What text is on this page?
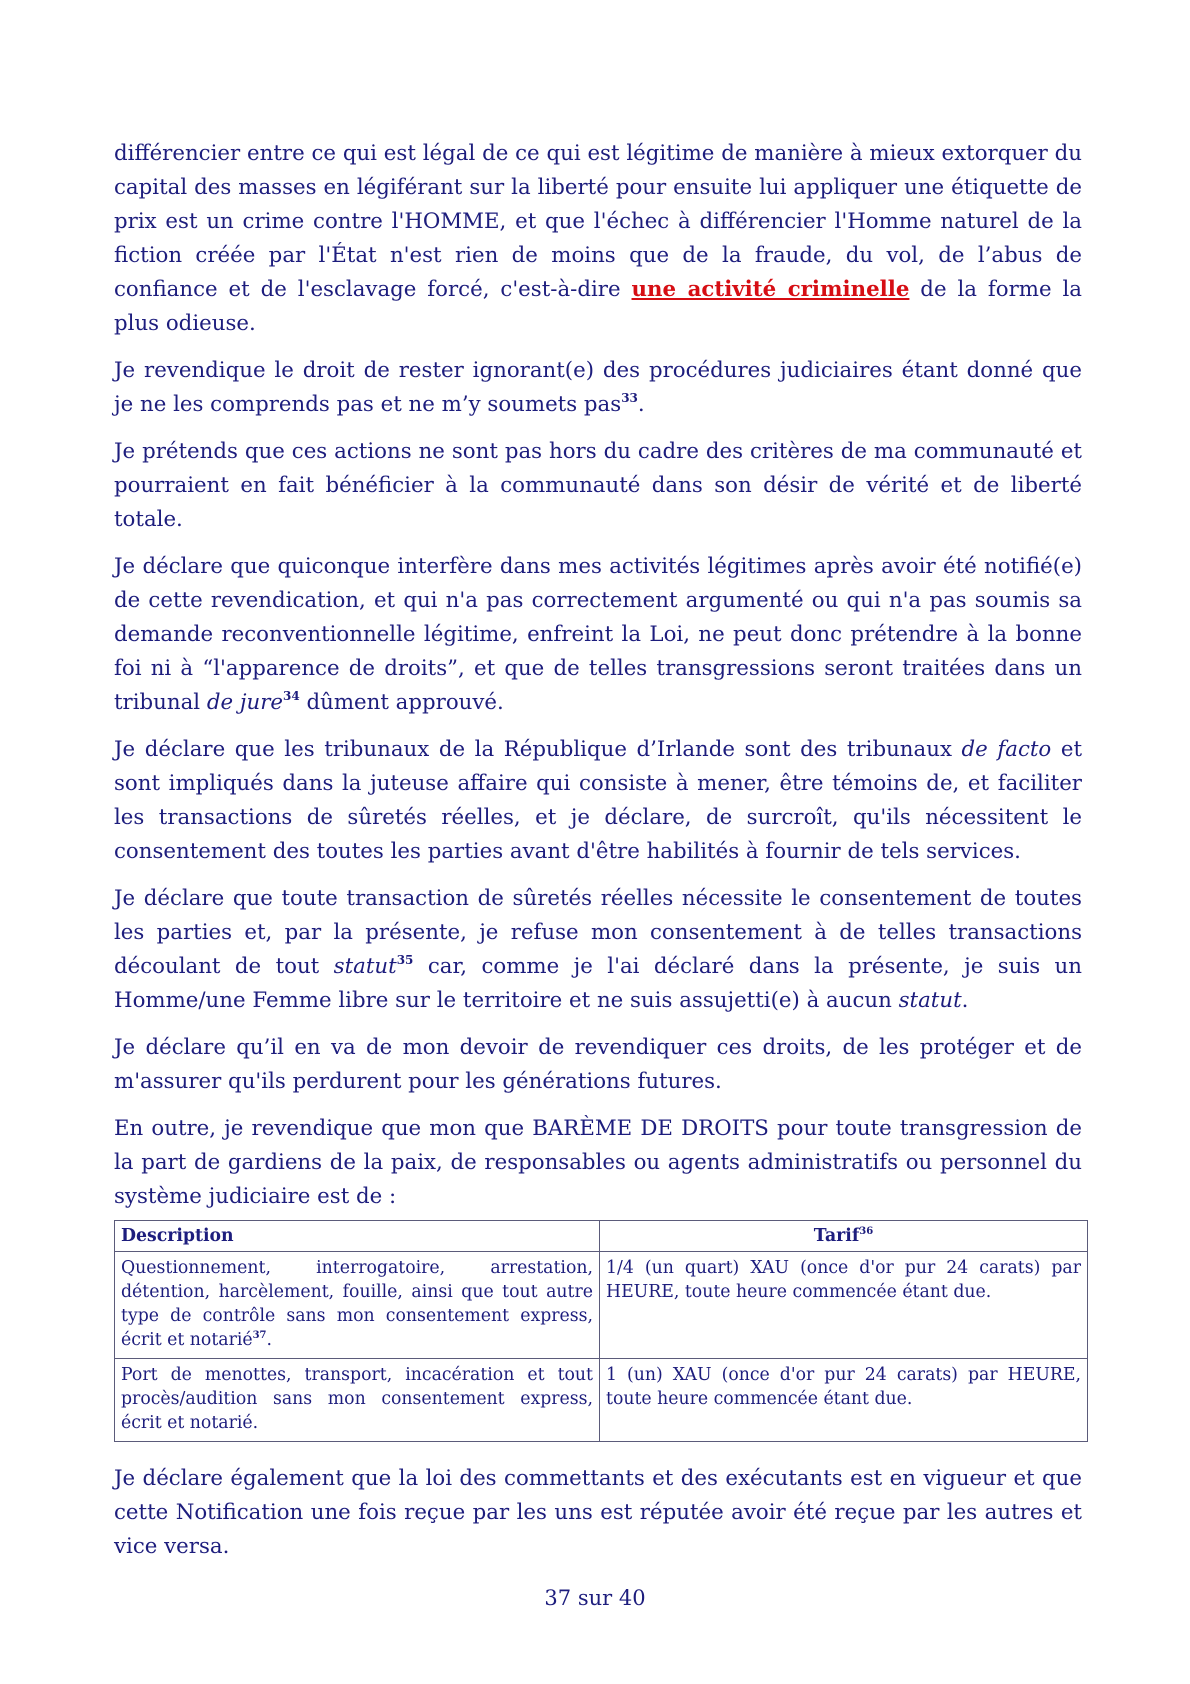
différencier entre ce qui est légal de ce qui est légitime de manière à mieux extorquer du capital des masses en légiférant sur la liberté pour ensuite lui appliquer une étiquette de prix est un crime contre l'HOMME, et que l'échec à différencier l'Homme naturel de la fiction créée par l'État n'est rien de moins que de la fraude, du vol, de l’abus de confiance et de l'esclavage forcé, c'est-à-dire une activité criminelle de la forme la plus odieuse.

Je revendique le droit de rester ignorant(e) des procédures judiciaires étant donné que je ne les comprends pas et ne m’y soumets pas$^{33}$.

Je prétends que ces actions ne sont pas hors du cadre des critères de ma communauté et pourraient en fait bénéficier à la communauté dans son désir de vérité et de liberté totale.

Je déclare que quiconque interfère dans mes activités légitimes après avoir été notifié(e) de cette revendication, et qui n'a pas correctement argumenté ou qui n'a pas soumis sa demande reconventionnelle légitime, enfreint la Loi, ne peut donc prétendre à la bonne foi ni à “l'apparence de droits”, et que de telles transgressions seront traitées dans un tribunal de jure$^{34}$ dûment approuvé.

Je déclare que les tribunaux de la République d’Irlande sont des tribunaux de facto et sont impliqués dans la juteuse affaire qui consiste à mener, être témoins de, et faciliter les transactions de sûretés réelles, et je déclare, de surcroît, qu'ils nécessitent le consentement des toutes les parties avant d'être habilités à fournir de tels services.

Je déclare que toute transaction de sûretés réelles nécessite le consentement de toutes les parties et, par la présente, je refuse mon consentement à de telles transactions découlant de tout statut$^{35}$ car, comme je l'ai déclaré dans la présente, je suis un Homme/une Femme libre sur le territoire et ne suis assujetti(e) à aucun statut.

Je déclare qu’il en va de mon devoir de revendiquer ces droits, de les protéger et de m'assurer qu'ils perdurent pour les générations futures.

En outre, je revendique que mon que BARÈME DE DROITS pour toute transgression de la part de gardiens de la paix, de responsables ou agents administratifs ou personnel du système judiciaire est de :

Description	Tarif$^{36}$
Questionnement, interrogatoire, arrestation, détention, harcèlement, fouille, ainsi que tout autre type de contrôle sans mon consentement express, écrit et notarié$^{37}$.	1/4 (un quart) XAU (once d'or pur 24 carats) par HEURE, toute heure commencée étant due.
Port de menottes, transport, incacération et tout procès/audition sans mon consentement express, écrit et notarié.	1 (un) XAU (once d'or pur 24 carats) par HEURE, toute heure commencée étant due.

Je déclare également que la loi des commettants et des exécutants est en vigueur et que cette Notification une fois reçue par les uns est réputée avoir été reçue par les autres et vice versa.

37 sur 40
